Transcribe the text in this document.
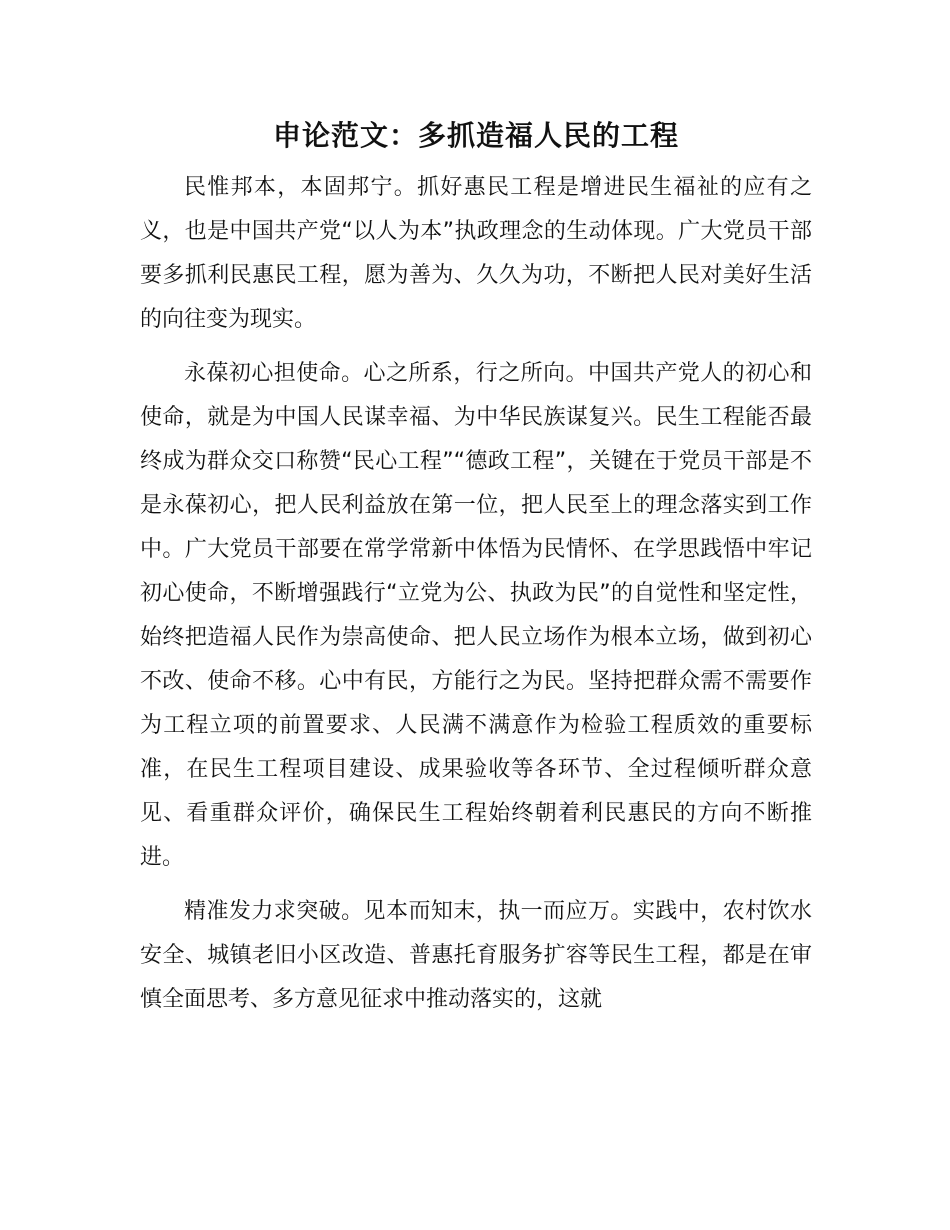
申论范文：多抓造福人民的工程

民惟邦本，本固邦宁。抓好惠民工程是增进民生福祉的应有之义，也是中国共产党“以人为本”执政理念的生动体现。广大党员干部要多抓利民惠民工程，愿为善为、久久为功，不断把人民对美好生活的向往变为现实。

永葆初心担使命。心之所系，行之所向。中国共产党人的初心和使命，就是为中国人民谋幸福、为中华民族谋复兴。民生工程能否最终成为群众交口称赞“民心工程”“德政工程”，关键在于党员干部是不是永葆初心，把人民利益放在第一位，把人民至上的理念落实到工作中。广大党员干部要在常学常新中体悟为民情怀、在学思践悟中牢记初心使命，不断增强践行“立党为公、执政为民”的自觉性和坚定性，始终把造福人民作为崇高使命、把人民立场作为根本立场，做到初心不改、使命不移。心中有民，方能行之为民。坚持把群众需不需要作为工程立项的前置要求、人民满不满意作为检验工程质效的重要标准，在民生工程项目建设、成果验收等各环节、全过程倾听群众意见、看重群众评价，确保民生工程始终朝着利民惠民的方向不断推进。

精准发力求突破。见本而知末，执一而应万。实践中，农村饮水安全、城镇老旧小区改造、普惠托育服务扩容等民生工程，都是在审慎全面思考、多方意见征求中推动落实的，这就
